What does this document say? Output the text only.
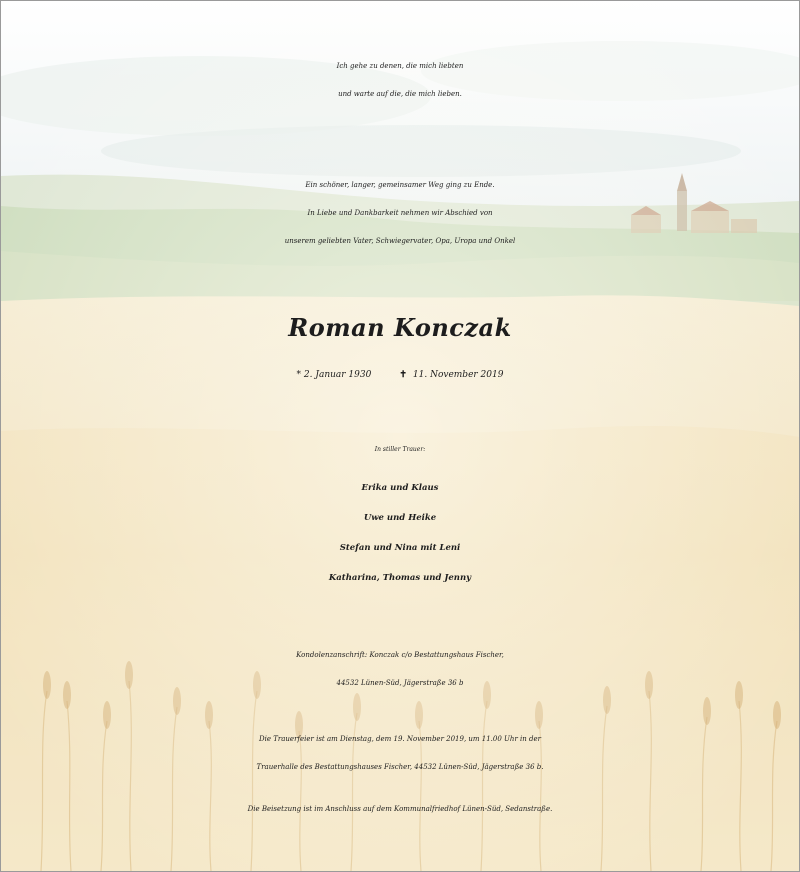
Ich gehe zu denen, die mich liebten
und warte auf die, die mich lieben.
Ein schöner, langer, gemeinsamer Weg ging zu Ende.
In Liebe und Dankbarkeit nehmen wir Abschied von
unserem geliebten Vater, Schwiegervater, Opa, Uropa und Onkel
Roman Konczak
* 2. Januar 1930	✝ 11. November 2019
In stiller Trauer:
Erika und Klaus
Uwe und Heike
Stefan und Nina mit Leni
Katharina, Thomas und Jenny
Kondolenzanschrift: Konczak c/o Bestattungshaus Fischer,
44532 Lünen-Süd, Jägerstraße 36 b
Die Trauerfeier ist am Dienstag, dem 19. November 2019, um 11.00 Uhr in der
Trauerhalle des Bestattungshauses Fischer, 44532 Lünen-Süd, Jägerstraße 36 b.
Die Beisetzung ist im Anschluss auf dem Kommunalfriedhof Lünen-Süd, Sedanstraße.
